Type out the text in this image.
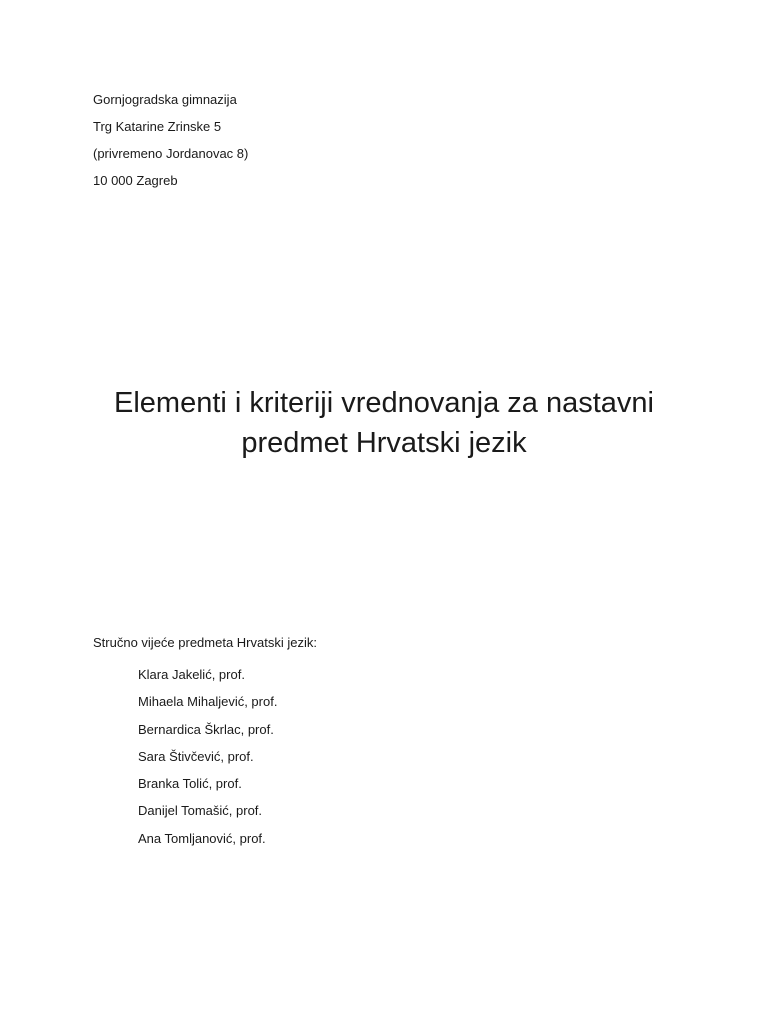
Gornjogradska gimnazija
Trg Katarine Zrinske 5
(privremeno Jordanovac 8)
10 000 Zagreb
Elementi i kriteriji vrednovanja za nastavni
predmet Hrvatski jezik
Stručno vijeće predmeta Hrvatski jezik:
Klara Jakelić, prof.
Mihaela Mihaljević, prof.
Bernardica Škrlac, prof.
Sara Štivčević, prof.
Branka Tolić, prof.
Danijel Tomašić, prof.
Ana Tomljanović, prof.
